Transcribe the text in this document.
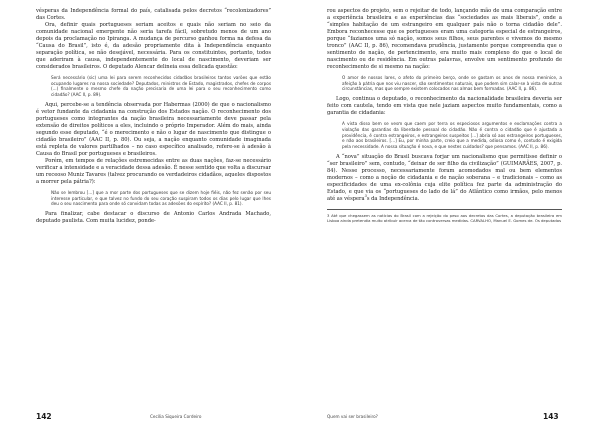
vésperas da Independência formal do país, catalisada pelos decretos “recolonizadores” das Cortes.

Ora, definir quais portugueses seriam aceitos e quais não seriam no seio da comunidade nacional emergente não seria tarefa fácil, sobretudo menos de um ano depois da proclamação no Ipiranga. A mudança de percurso ganhou forma na defesa da “Causa do Brasil”, isto é, da adesão propriamente dita à Independência enquanto separação política, se não desejável, necessária. Para os constituintes, portanto, todos que aderiram à causa, independentemente do local de nascimento, deveriam ser considerados brasileiros. O deputado Alencar delineia essa delicada questão:

Será necessário (sic) uma lei para serem reconhecidos cidadãos brasileiros tantos varões que estão ocupando lugares na nossa sociedade? Deputados, ministros de Estado, magistrados, chefes de corpos (...) finalmente o mesmo chefe da nação precisaria de uma lei para o seu reconhecimento como cidadão? (AAC II, p. 89).

Aqui, percebe-se a tendência observada por Habermas (2000) de que o nacionalismo é vetor fundante da cidadania na construção dos Estados nação. O reconhecimento dos portugueses como integrantes da nação brasileira necessariamente deve passar pela extensão de direitos políticos a eles, incluindo o próprio Imperador. Além do mais, ainda segundo esse deputado, “é o merecimento e não o lugar de nascimento que distingue o cidadão brasileiro” (AAC II, p. 80). Ou seja, a nação enquanto comunidade imaginada está repleta de valores partilhados – no caso específico analisado, refere-se à adesão à Causa do Brasil por portugueses e brasileiros.

Porém, em tempos de relações estremecidas entre as duas nações, faz-se necessário verificar a intensidade e a veracidade dessa adesão. É nesse sentido que volta a discursar um receoso Muniz Tavares (talvez procurando os verdadeiros cidadãos, aqueles dispostos a morrer pela pátria?):

Não se lembrou [...] que a mor parte dos portugueses que se dizem hoje fiéis, não fez senão por seu interesse particular, e que talvez no fundo do seu coração suspiram todos os dias pelo lugar que lhes deu o seu nascimento para onde só convidam todas as adesões do espírito? (AAC II, p. 81).

Para finalizar, cabe destacar o discurso de Antonio Carlos Andrada Machado, deputado paulista. Com muita lucidez, ponde-

142	Cecília Siqueira Cordeiro

rou aspectos do projeto, sem o rejeitar de todo, lançando mão de uma comparação entre a experiência brasileira e as experiências das “sociedades as mais liberais”, onde a “simples habitação de um estrangeiro em qualquer país não o torna cidadão dele”. Embora reconhecesse que os portugueses eram uma categoria especial de estrangeiros, porque “faziamos uma só nação, somos seus filhos, seus parentes e vivemos do mesmo tronco” (AAC II, p. 86), recomendava prudência, justamente porque compreendia que o sentimento de nação, de pertencimento, era muito mais complexo do que o local de nascimento ou de residência. Em outras palavras, envolve um sentimento profundo de reconhecimento de si mesmo na nação:

O amor de nossos lares, o afeto do primeiro berço, onde se gastam os anos de nossa meninice, a afeição à pátria que nos viu nascer, são sentimentos naturais, que podem sim calar-se à vista de outras circunstâncias, mas que sempre existem colocados nas almas bem formadas. (AAC II, p. 86).

Logo, continua o deputado, o reconhecimento da nacionalidade brasileira deveria ser feito com cautela, tendo em vista que nele jaziam aspectos muito fundamentais, como a garantia de cidadania:

A vista disso bem se vesm que caem por terra os especiosos argumentos e exclamações contra a violação das garantias da liberdade pessoal do cidadão. Não é contra o cidadão que é ajustada a providência, é contra estrangeiros, e estrangeiros suspeitos [...] abria só aos estrangeiros portugueses, e não aos brasileiros. [...] Eu, por minha parte, creio que a medida, odiosa como é, contudo é exigida pela necessidade. A nossa situação é nova, e que nestes cuidados? que pensamos. (AAC II, p. 86).

A “nova” situação do Brasil buscava forjar um nacionalismo que permitisse definir o “ser brasileiro” sem, contudo, “deixar de ser filho da civilização” (GUIMARÃES, 2007, p. 84). Nesse processo, necessariamente foram acomodados mal ou bem elementos modernos – como a noção de cidadania e de nação soberana – e tradicionais – como as especificidades de uma ex-colônia cuja elite política fez parte da administração do Estado, e que via os “portugueses do lado de lá” do Atlântico como irmãos, pelo menos até as véspera$^3$s da Independência.

3 Até que chegassem as notícias do Brasil com a rejeição do peso aos decretos das Cortes, a deputação brasileira em Lisboa ainda pretendia muito atribuir acerca de tão controversas medidas. CARVALHO, Manuel E. Gomes de. Os deputados
Quem vai ser brasileiro?	143
